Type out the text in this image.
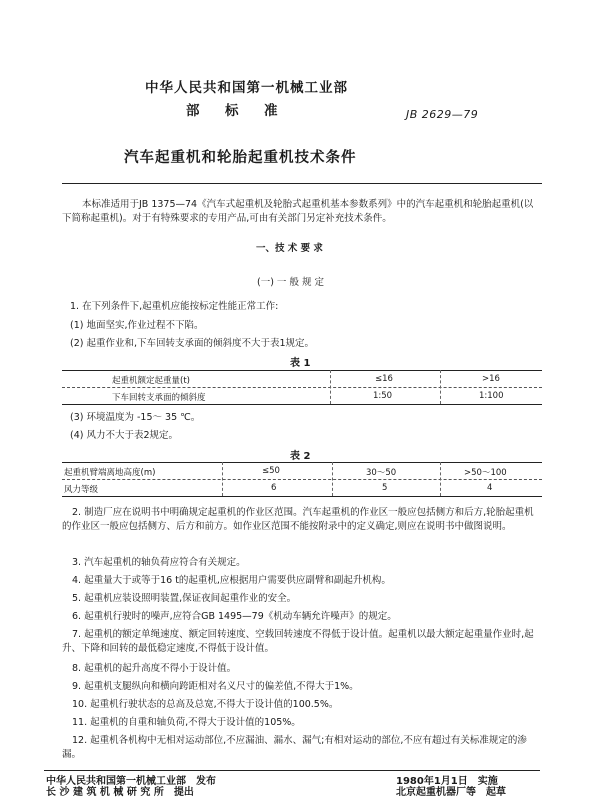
中华人民共和国第一机械工业部
部　标　准	JB 2629—79
汽车起重机和轮胎起重机技术条件
本标准适用于JB 1375—74《汽车式起重机及轮胎式起重机基本参数系列》中的汽车起重机和轮胎起重机(以下简称起重机)。对于有特殊要求的专用产品,可由有关部门另定补充技术条件。
一、技 术 要 求
(一) 一 般 规 定
1. 在下列条件下,起重机应能按标定性能正常工作:
(1) 地面坚实,作业过程不下陷。
(2) 起重作业和,下车回转支承面的倾斜度不大于表1规定。
表 1
起重机额定起重量(t)	≤16	>16
下车回转支承面的倾斜度	1:50	1:100
(3) 环境温度为 -15～ 35 ℃。
(4) 风力不大于表2规定。
表 2
起重机臂端离地高度(m)	≤50	30～50	>50～100
风力等级	6	5	4
2. 制造厂应在说明书中明确规定起重机的作业区范围。汽车起重机的作业区一般应包括侧方和后方,轮胎起重机的作业区一般应包括侧方、后方和前方。如作业区范围不能按附录中的定义确定,则应在说明书中做图说明。
3. 汽车起重机的轴负荷应符合有关规定。
4. 起重量大于或等于16 t的起重机,应根据用户需要供应副臂和副起升机构。
5. 起重机应装设照明装置,保证夜间起重作业的安全。
6. 起重机行驶时的噪声,应符合GB 1495—79《机动车辆允许噪声》的规定。
7. 起重机的额定单绳速度、额定回转速度、空载回转速度不得低于设计值。起重机以最大额定起重量作业时,起升、下降和回转的最低稳定速度,不得低于设计值。
8. 起重机的起升高度不得小于设计值。
9. 起重机支腿纵向和横向跨距相对名义尺寸的偏差值,不得大于1%。
10. 起重机行驶状态的总高及总宽,不得大于设计值的100.5%。
11. 起重机的自重和轴负荷,不得大于设计值的105%。
12. 起重机各机构中无相对运动部位,不应漏油、漏水、漏气;有相对运动的部位,不应有超过有关标准规定的渗漏。
中华人民共和国第一机械工业部　发布	1980年1月1日　实施
长 沙 建 筑 机 械 研 究 所　提出	北京起重机器厂等　起草
